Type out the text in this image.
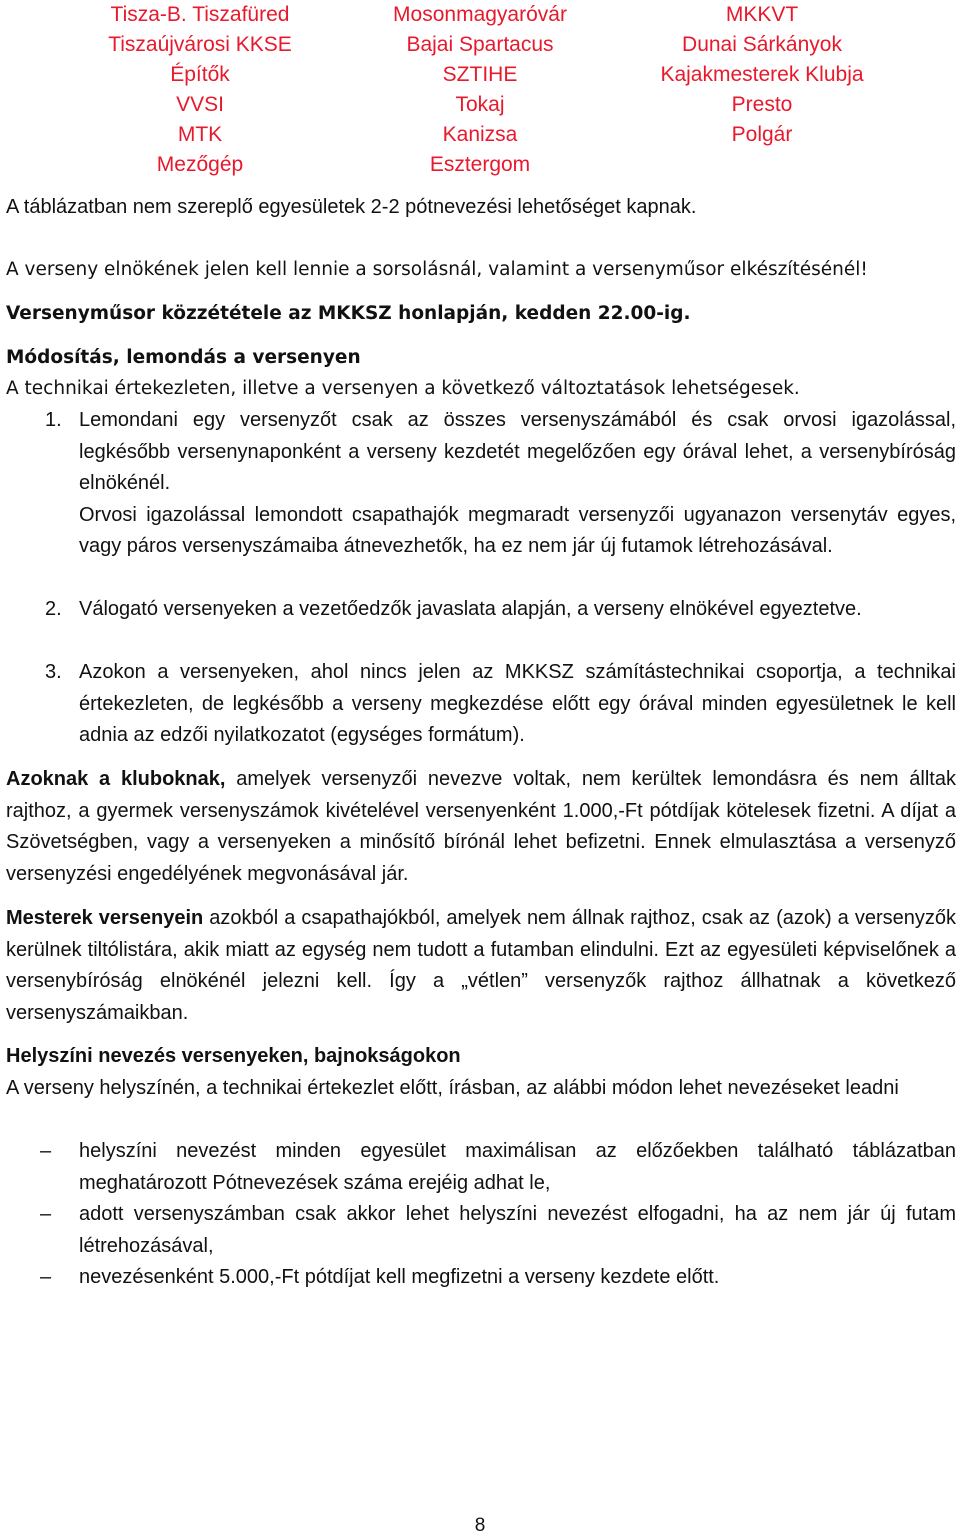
Tisza-B. Tiszafüred
Tiszaújvárosi KKSE
Építők
VVSI
MTK
Mezőgép
Mosonmagyaróvár
Bajai Spartacus
SZTIHE
Tokaj
Kanizsa
Esztergom
MKKVT
Dunai Sárkányok
Kajakmesterek Klubja
Presto
Polgár
A táblázatban nem szereplő egyesületek 2-2 pótnevezési lehetőséget kapnak.
A verseny elnökének jelen kell lennie a sorsolásnál, valamint a versenyműsor elkészítésénél!
Versenyműsor közzététele az MKKSZ honlapján, kedden 22.00-ig.
Módosítás, lemondás a versenyen
A technikai értekezleten, illetve a versenyen a következő változtatások lehetségesek.
1. Lemondani egy versenyzőt csak az összes versenyszámából és csak orvosi igazolással, legkésőbb versenynaponként a verseny kezdetét megelőzően egy órával lehet, a versenybíróság elnökénél.
Orvosi igazolással lemondott csapathajók megmaradt versenyzői ugyanazon versenytáv egyes, vagy páros versenyszámaiba átnevezhetők, ha ez nem jár új futamok létrehozásával.
2. Válogató versenyeken a vezetőedzők javaslata alapján, a verseny elnökével egyeztetve.
3. Azokon a versenyeken, ahol nincs jelen az MKKSZ számítástechnikai csoportja, a technikai értekezleten, de legkésőbb a verseny megkezdése előtt egy órával minden egyesületnek le kell adnia az edzői nyilatkozatot (egységes formátum).
Azoknak a kluboknak, amelyek versenyzői nevezve voltak, nem kerültek lemondásra és nem álltak rajthoz, a gyermek versenyszámok kivételével versenyenként 1.000,-Ft pótdíjak kötelesek fizetni. A díjat a Szövetségben, vagy a versenyeken a minősítő bírónál lehet befizetni. Ennek elmulasztása a versenyző versenyzési engedélyének megvonásával jár.
Mesterek versenyein azokból a csapathajókból, amelyek nem állnak rajthoz, csak az (azok) a versenyzők kerülnek tiltólistára, akik miatt az egység nem tudott a futamban elindulni. Ezt az egyesületi képviselőnek a versenybíróság elnökénél jelezni kell. Így a „vétlen” versenyzők rajthoz állhatnak a következő versenyszámaikban.
Helyszíni nevezés versenyeken, bajnokságokon
A verseny helyszínén, a technikai értekezlet előtt, írásban, az alábbi módon lehet nevezéseket leadni
– helyszíni nevezést minden egyesület maximálisan az előzőekben található táblázatban meghatározott Pótnevezések száma erejéig adhat le,
– adott versenyszámban csak akkor lehet helyszíni nevezést elfogadni, ha az nem jár új futam létrehozásával,
– nevezésenként 5.000,-Ft pótdíjat kell megfizetni a verseny kezdete előtt.
8
